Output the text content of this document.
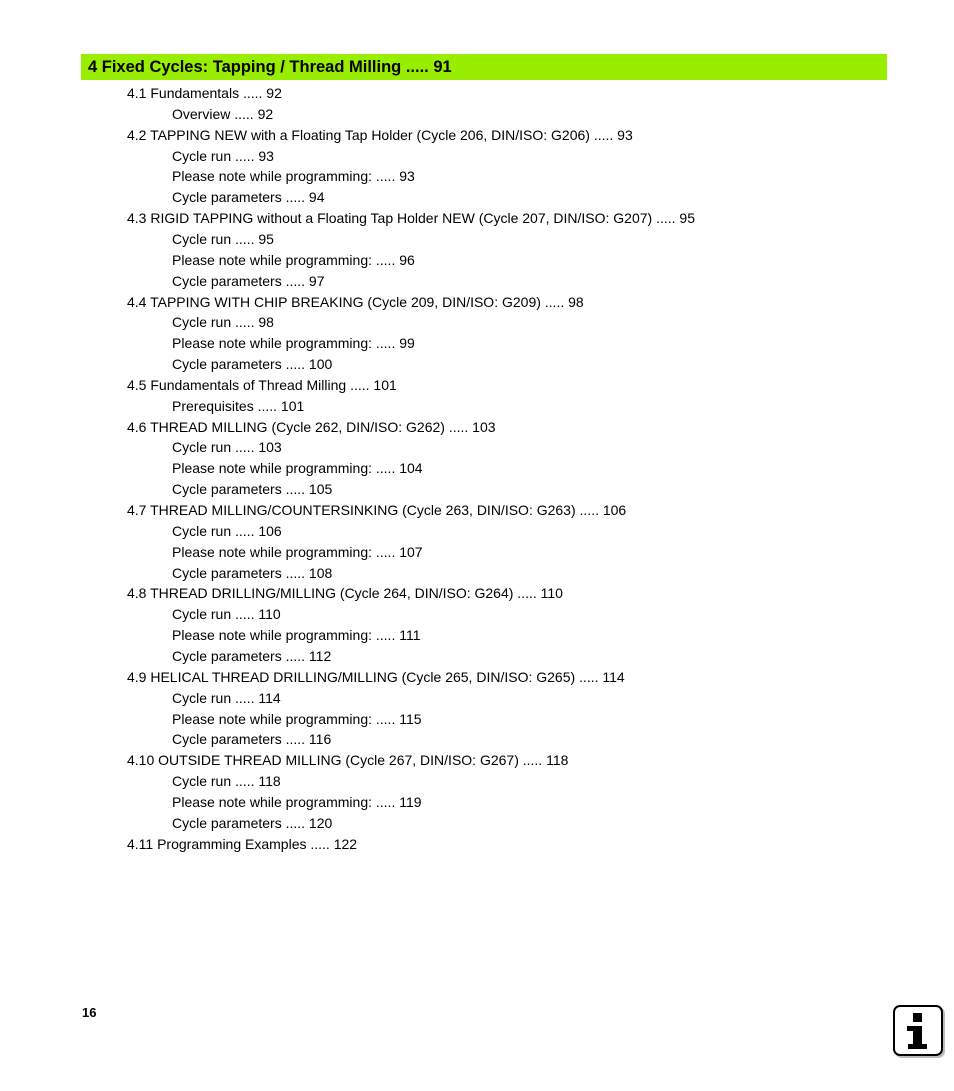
4 Fixed Cycles: Tapping / Thread Milling ..... 91
4.1 Fundamentals ..... 92
Overview ..... 92
4.2 TAPPING NEW with a Floating Tap Holder (Cycle 206, DIN/ISO: G206) ..... 93
Cycle run ..... 93
Please note while programming: ..... 93
Cycle parameters ..... 94
4.3 RIGID TAPPING without a Floating Tap Holder NEW (Cycle 207, DIN/ISO: G207) ..... 95
Cycle run ..... 95
Please note while programming: ..... 96
Cycle parameters ..... 97
4.4 TAPPING WITH CHIP BREAKING (Cycle 209, DIN/ISO: G209) ..... 98
Cycle run ..... 98
Please note while programming: ..... 99
Cycle parameters ..... 100
4.5 Fundamentals of Thread Milling ..... 101
Prerequisites ..... 101
4.6 THREAD MILLING (Cycle 262, DIN/ISO: G262) ..... 103
Cycle run ..... 103
Please note while programming: ..... 104
Cycle parameters ..... 105
4.7 THREAD MILLING/COUNTERSINKING (Cycle 263, DIN/ISO: G263) ..... 106
Cycle run ..... 106
Please note while programming: ..... 107
Cycle parameters ..... 108
4.8 THREAD DRILLING/MILLING (Cycle 264, DIN/ISO: G264) ..... 110
Cycle run ..... 110
Please note while programming: ..... 111
Cycle parameters ..... 112
4.9 HELICAL THREAD DRILLING/MILLING (Cycle 265, DIN/ISO: G265) ..... 114
Cycle run ..... 114
Please note while programming: ..... 115
Cycle parameters ..... 116
4.10 OUTSIDE THREAD MILLING (Cycle 267, DIN/ISO: G267) ..... 118
Cycle run ..... 118
Please note while programming: ..... 119
Cycle parameters ..... 120
4.11 Programming Examples ..... 122
16
